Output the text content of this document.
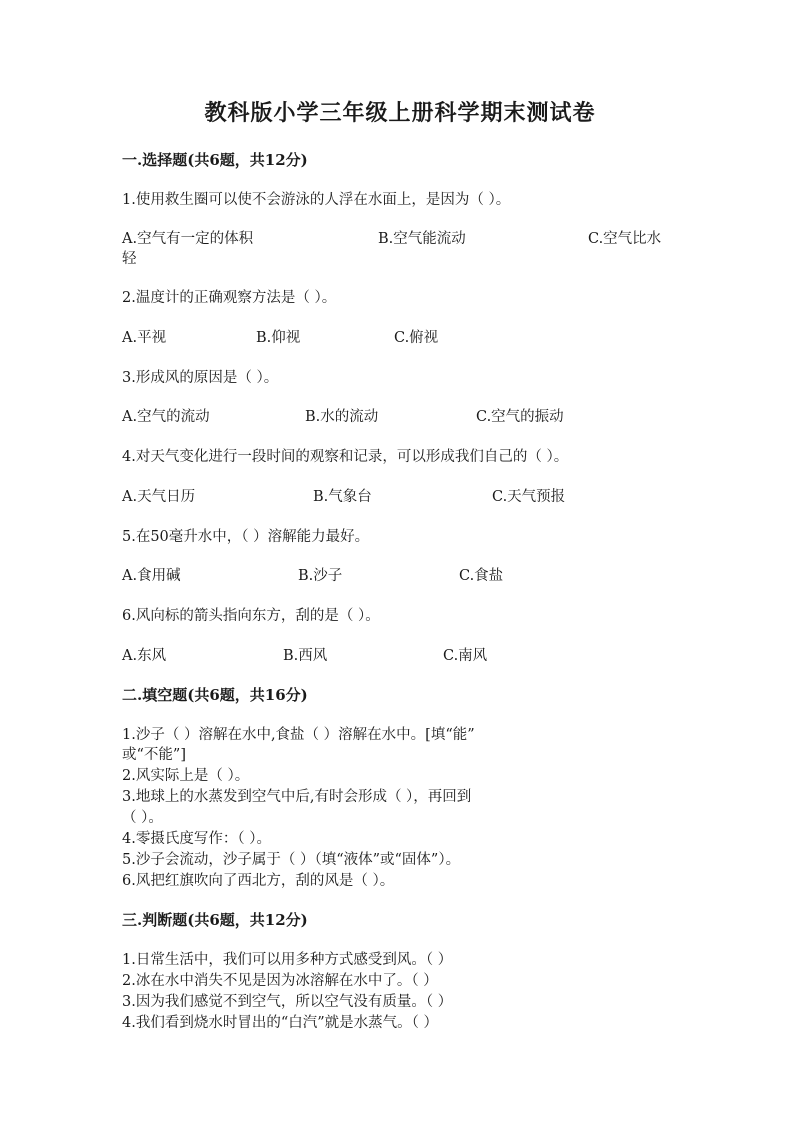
教科版小学三年级上册科学期末测试卷
一.选择题(共6题，共12分)
1.使用救生圈可以使不会游泳的人浮在水面上，是因为（ ）。
A.空气有一定的体积	B.空气能流动	C.空气比水
轻
2.温度计的正确观察方法是（ ）。
A.平视	B.仰视	C.俯视
3.形成风的原因是（ ）。
A.空气的流动	B.水的流动	C.空气的振动
4.对天气变化进行一段时间的观察和记录，可以形成我们自己的（ ）。
A.天气日历	B.气象台	C.天气预报
5.在50毫升水中，（ ）溶解能力最好。
A.食用碱	B.沙子	C.食盐
6.风向标的箭头指向东方，刮的是（ ）。
A.东风	B.西风	C.南风
二.填空题(共6题，共16分)
1.沙子（ ）溶解在水中,食盐（ ）溶解在水中。[填“能”
或“不能”]
2.风实际上是（ ）。
3.地球上的水蒸发到空气中后,有时会形成（ ），再回到
（ ）。
4.零摄氏度写作：（ ）。
5.沙子会流动，沙子属于（ ）（填“液体”或“固体”）。
6.风把红旗吹向了西北方，刮的风是（ ）。
三.判断题(共6题，共12分)
1.日常生活中，我们可以用多种方式感受到风。（ ）
2.冰在水中消失不见是因为冰溶解在水中了。（ ）
3.因为我们感觉不到空气，所以空气没有质量。（ ）
4.我们看到烧水时冒出的“白汽”就是水蒸气。（ ）
